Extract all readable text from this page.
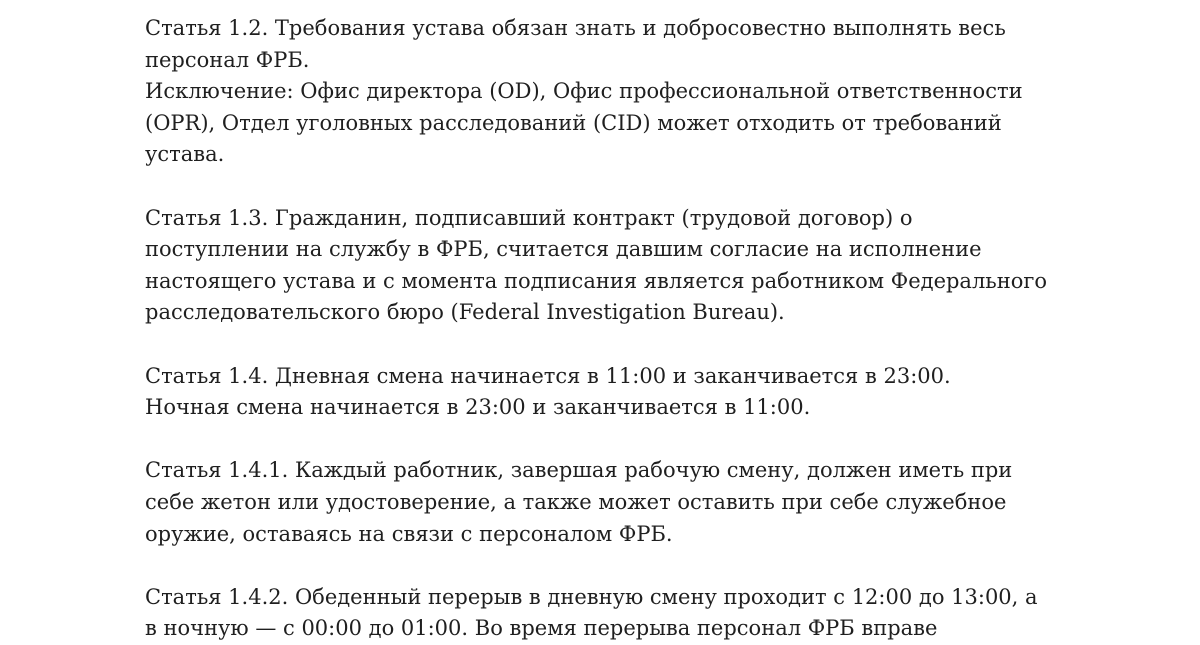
Статья 1.2. Требования устава обязан знать и добросовестно выполнять весь
персонал ФРБ.
Исключение: Офис директора (OD), Офис профессиональной ответственности
(OPR), Отдел уголовных расследований (CID) может отходить от требований
устава.
Статья 1.3. Гражданин, подписавший контракт (трудовой договор) о
поступлении на службу в ФРБ, считается давшим согласие на исполнение
настоящего устава и с момента подписания является работником Федерального
расследовательского бюро (Federal Investigation Bureau).
Статья 1.4. Дневная смена начинается в 11:00 и заканчивается в 23:00.
Ночная смена начинается в 23:00 и заканчивается в 11:00.
Статья 1.4.1. Каждый работник, завершая рабочую смену, должен иметь при
себе жетон или удостоверение, а также может оставить при себе служебное
оружие, оставаясь на связи с персоналом ФРБ.
Статья 1.4.2. Обеденный перерыв в дневную смену проходит с 12:00 до 13:00, а
в ночную — с 00:00 до 01:00. Во время перерыва персонал ФРБ вправе
